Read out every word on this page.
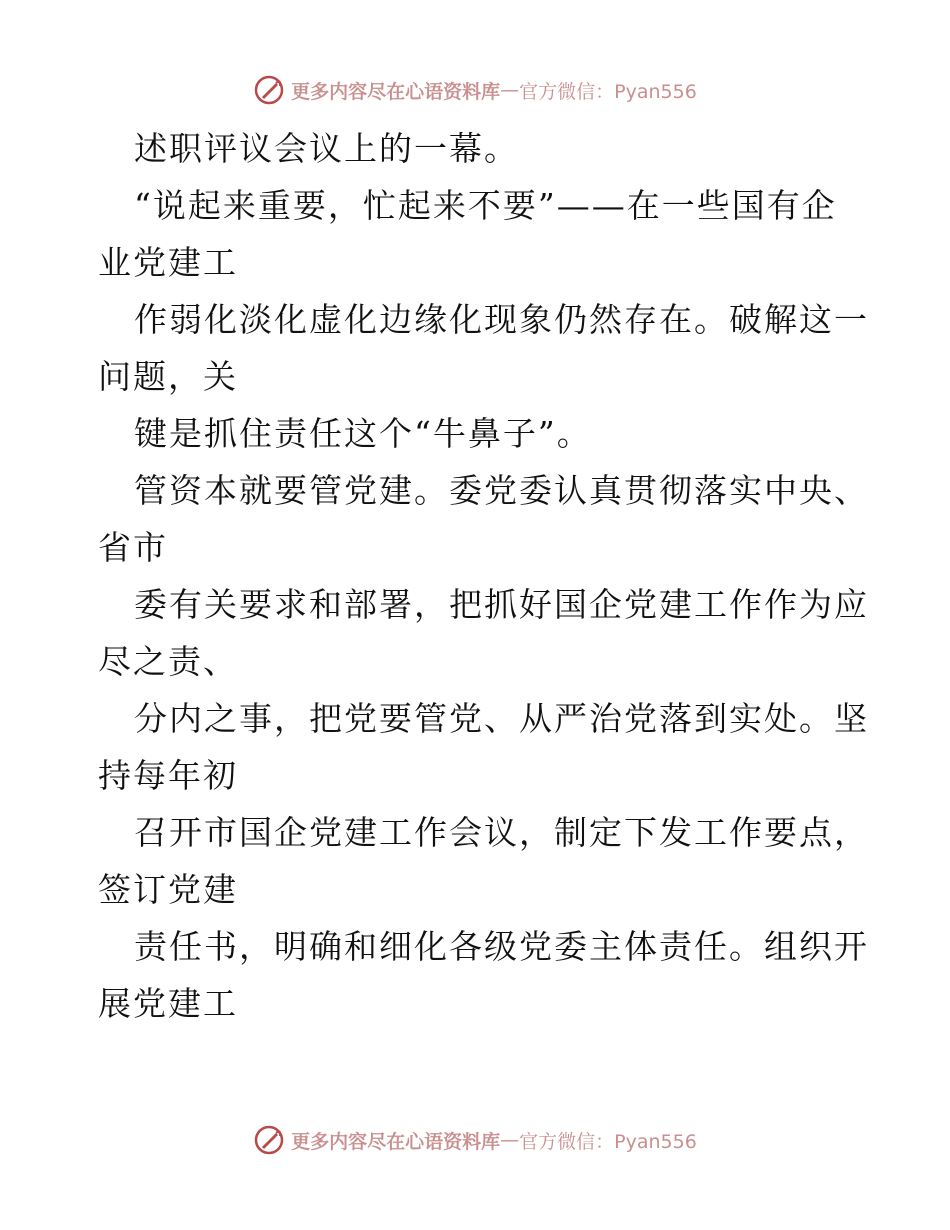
更多内容尽在心语资料库 — 官方微信：Pyan556
述职评议会议上的一幕。
“说起来重要，忙起来不要”——在一些国有企
业党建工
作弱化淡化虚化边缘化现象仍然存在。破解这一
问题，关
键是抓住责任这个“牛鼻子”。
管资本就要管党建。委党委认真贯彻落实中央、
省市
委有关要求和部署，把抓好国企党建工作作为应
尽之责、
分内之事，把党要管党、从严治党落到实处。坚
持每年初
召开市国企党建工作会议，制定下发工作要点，
签订党建
责任书，明确和细化各级党委主体责任。组织开
展党建工
更多内容尽在心语资料库 — 官方微信：Pyan556
